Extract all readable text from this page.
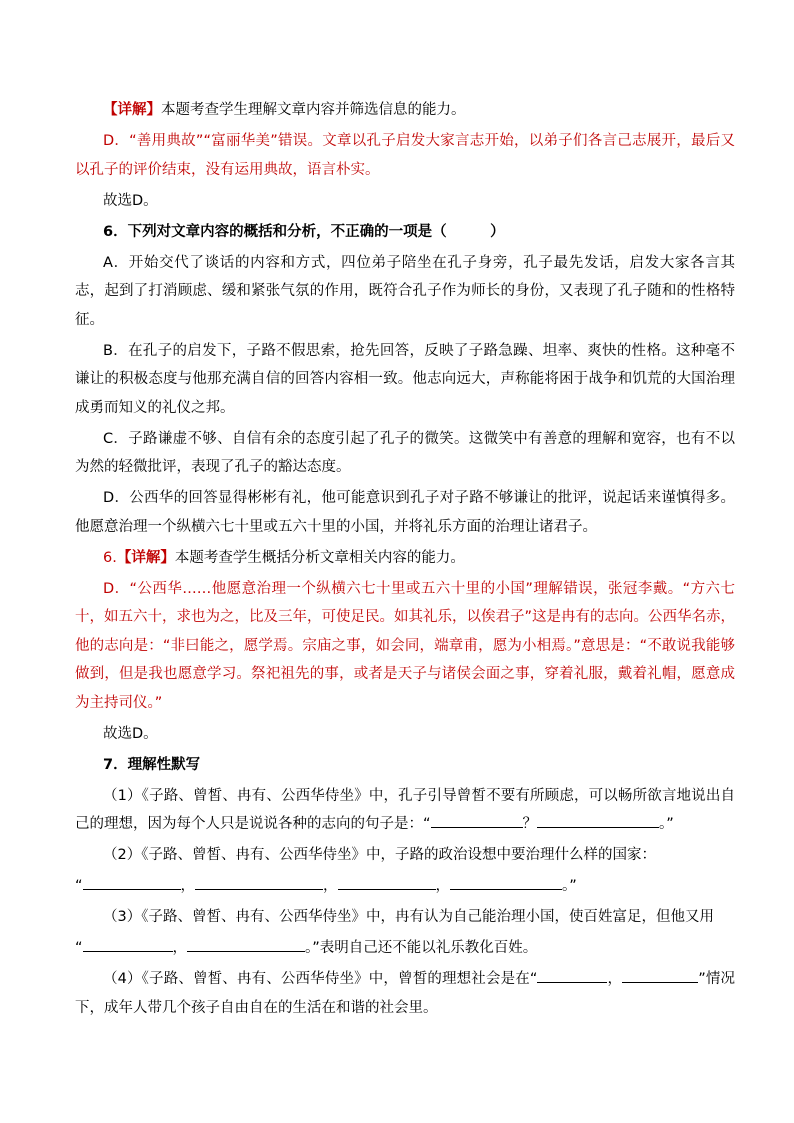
【详解】本题考查学生理解文章内容并筛选信息的能力。

D．“善用典故”“富丽华美”错误。文章以孔子启发大家言志开始，以弟子们各言己志展开，最后又以孔子的评价结束，没有运用典故，语言朴实。

故选D。

6．下列对文章内容的概括和分析，不正确的一项是（　　　）

A．开始交代了谈话的内容和方式，四位弟子陪坐在孔子身旁，孔子最先发话，启发大家各言其志，起到了打消顾虑、缓和紧张气氛的作用，既符合孔子作为师长的身份，又表现了孔子随和的性格特征。

B．在孔子的启发下，子路不假思索，抢先回答，反映了子路急躁、坦率、爽快的性格。这种毫不谦让的积极态度与他那充满自信的回答内容相一致。他志向远大，声称能将困于战争和饥荒的大国治理成勇而知义的礼仪之邦。

C．子路谦虚不够、自信有余的态度引起了孔子的微笑。这微笑中有善意的理解和宽容，也有不以为然的轻微批评，表现了孔子的豁达态度。

D．公西华的回答显得彬彬有礼，他可能意识到孔子对子路不够谦让的批评，说起话来谨慎得多。他愿意治理一个纵横六七十里或五六十里的小国，并将礼乐方面的治理让诸君子。

6.【详解】本题考查学生概括分析文章相关内容的能力。

D．“公西华……他愿意治理一个纵横六七十里或五六十里的小国”理解错误，张冠李戴。“方六七十，如五六十，求也为之，比及三年，可使足民。如其礼乐，以俟君子”这是冉有的志向。公西华名赤，他的志向是：“非曰能之，愿学焉。宗庙之事，如会同，端章甫，愿为小相焉。”意思是：“不敢说我能够做到，但是我也愿意学习。祭祀祖先的事，或者是天子与诸侯会面之事，穿着礼服，戴着礼帽，愿意成为主持司仪。”

故选D。

7．理解性默写

（1）《子路、曾皙、冉有、公西华侍坐》中，孔子引导曾皙不要有所顾虑，可以畅所欲言地说出自己的理想，因为每个人只是说说各种的志向的句子是：“	？	。”

（2）《子路、曾皙、冉有、公西华侍坐》中，子路的政治设想中要治理什么样的国家：

“	，	，	，	。”

（3）《子路、曾皙、冉有、公西华侍坐》中，冉有认为自己能治理小国，使百姓富足，但他又用

“	，	。”表明自己还不能以礼乐教化百姓。

（4）《子路、曾皙、冉有、公西华侍坐》中，曾皙的理想社会是在“	，	”情况下，成年人带几个孩子自由自在的生活在和谐的社会里。
